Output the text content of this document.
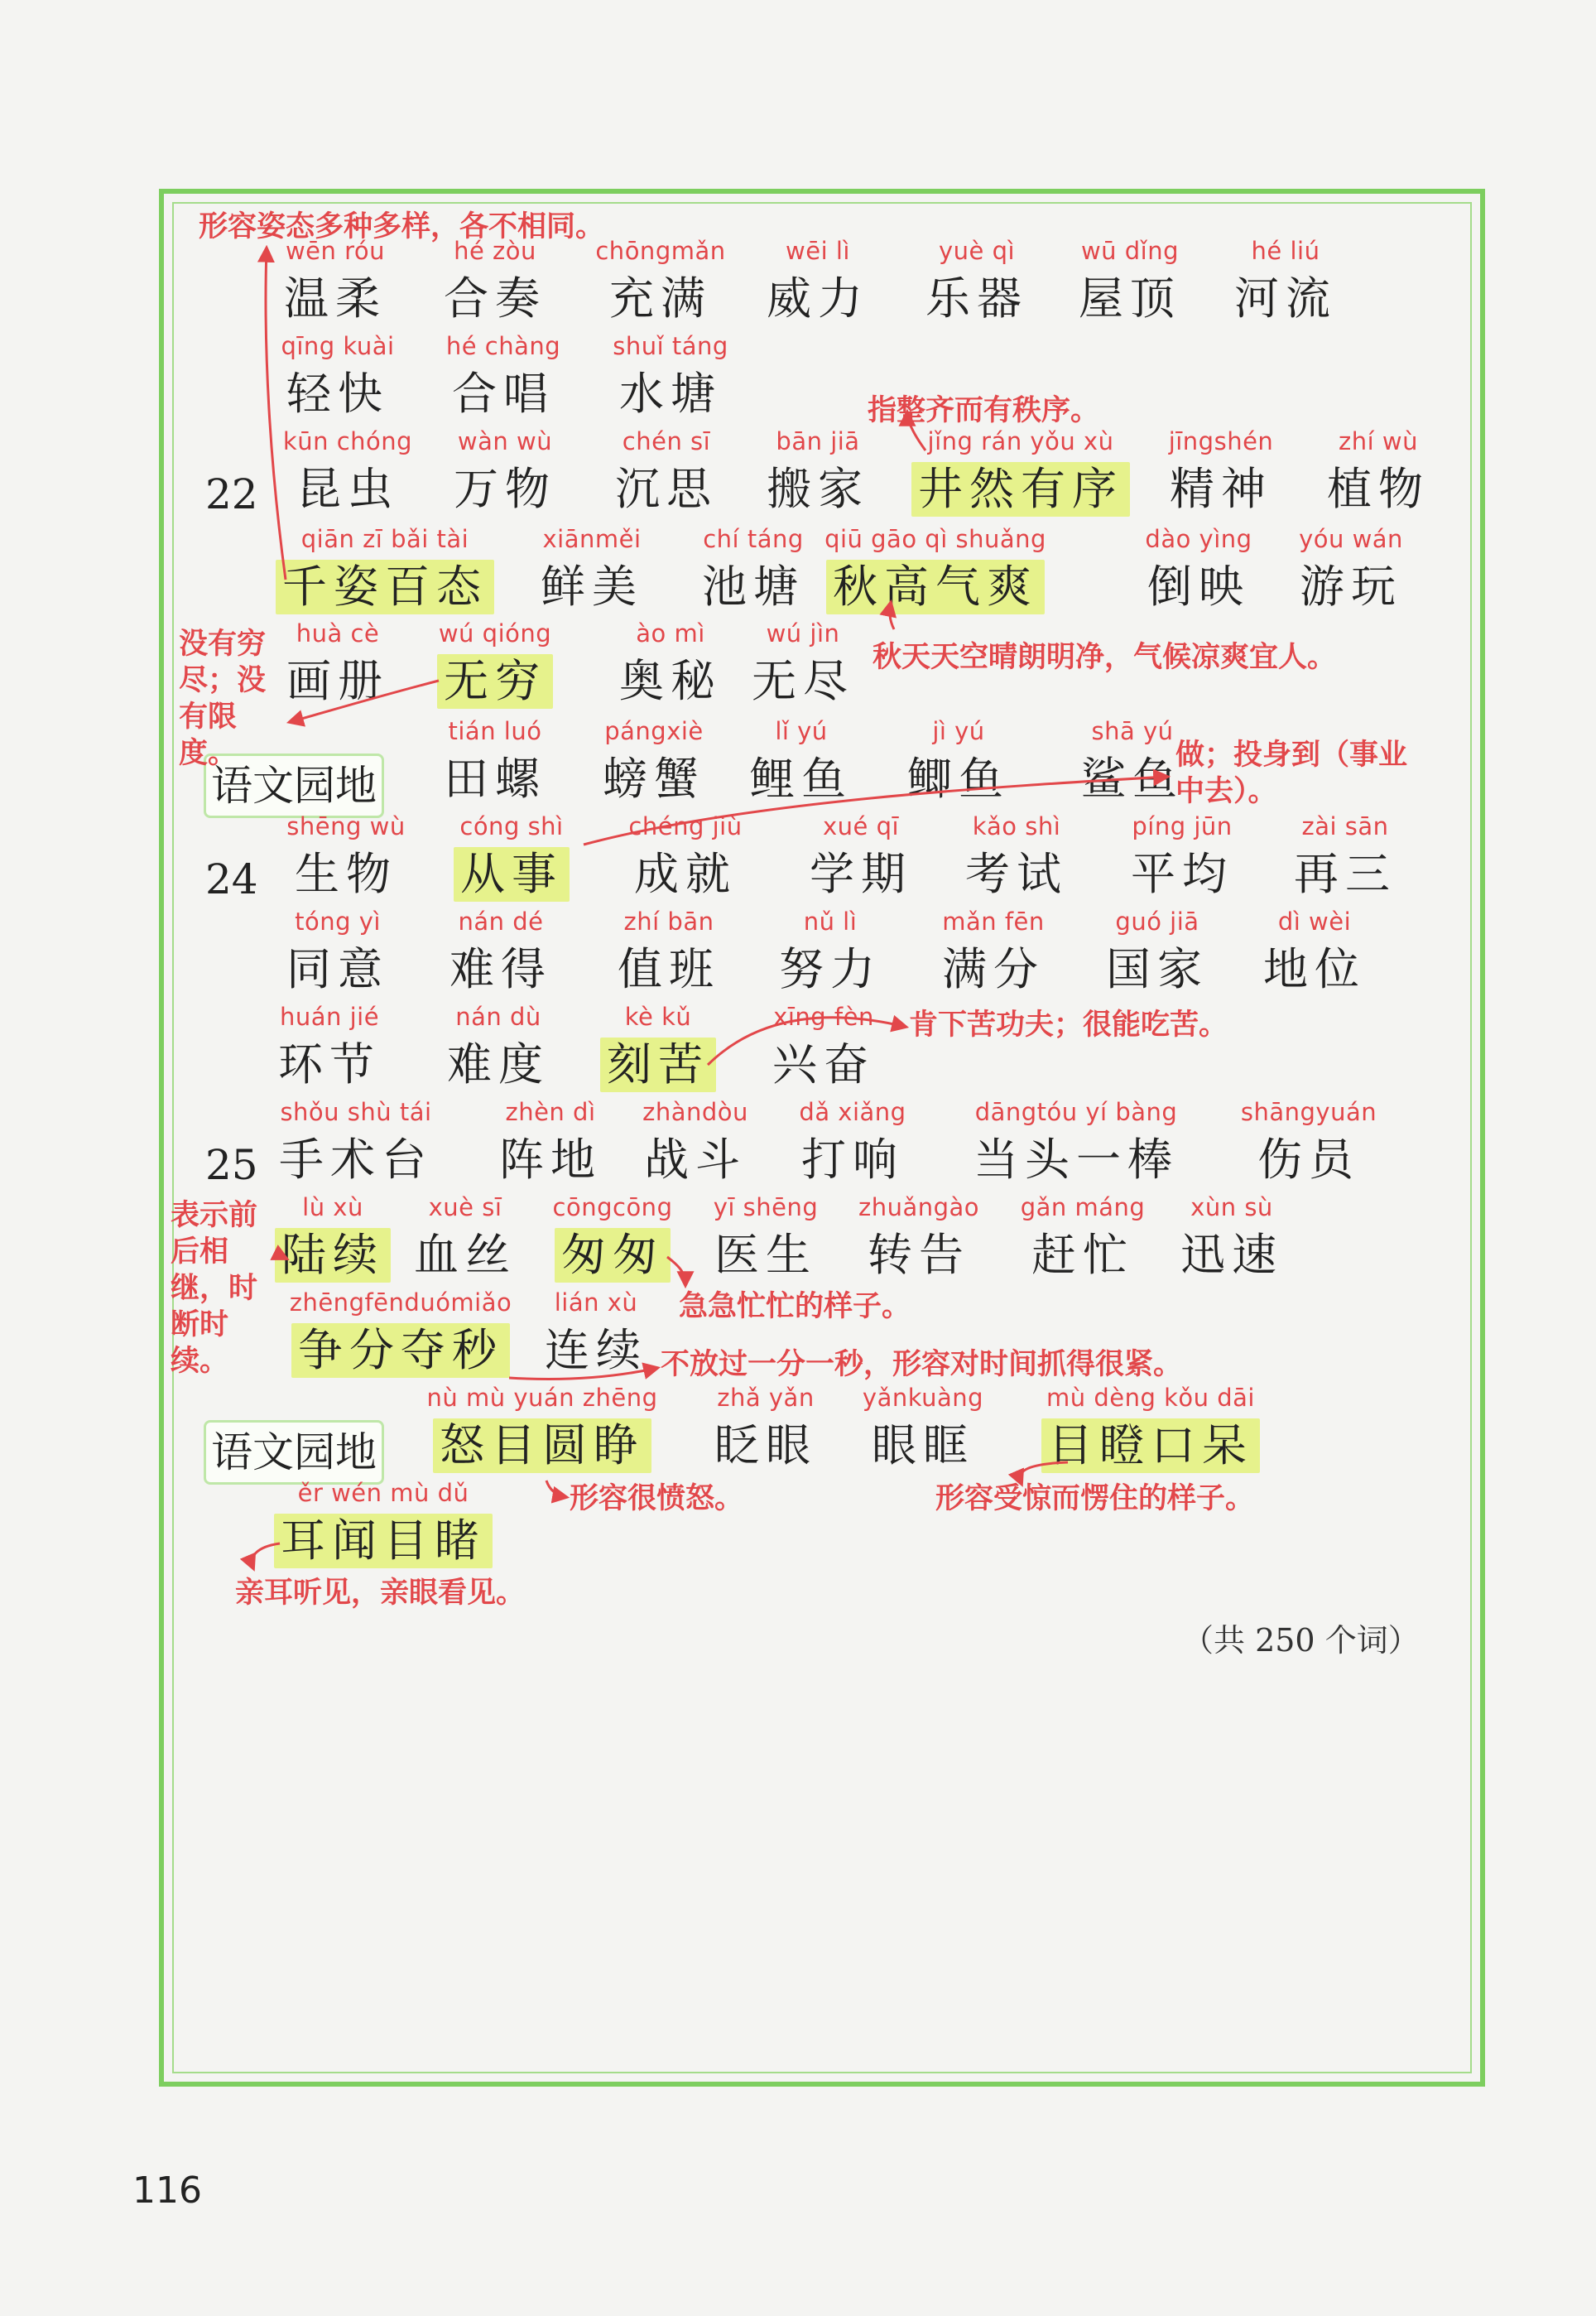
wēn róu
温柔
hé zòu
合奏
chōngmǎn
充满
wēi lì
威力
yuè qì
乐器
wū dǐng
屋顶
hé liú
河流
qīng kuài
轻快
hé chàng
合唱
shuǐ táng
水塘
22
kūn chóng
昆虫
wàn wù
万物
chén sī
沉思
bān jiā
搬家
jǐng rán yǒu xù
井然有序
jīngshén
精神
zhí wù
植物
qiān zī bǎi tài
千姿百态
xiānměi
鲜美
chí táng
池塘
qiū gāo qì shuǎng
秋高气爽
dào yìng
倒映
yóu wán
游玩
huà cè
画册
wú qióng
无穷
ào mì
奥秘
wú jìn
无尽
语文园地
tián luó
田螺
pángxiè
螃蟹
lǐ yú
鲤鱼
jì yú
鲫鱼
shā yú
鲨鱼
24
shēng wù
生物
cóng shì
从事
chéng jiù
成就
xué qī
学期
kǎo shì
考试
píng jūn
平均
zài sān
再三
tóng yì
同意
nán dé
难得
zhí bān
值班
nǔ lì
努力
mǎn fēn
满分
guó jiā
国家
dì wèi
地位
huán jié
环节
nán dù
难度
kè kǔ
刻苦
xīng fèn
兴奋
25
shǒu shù tái
手术台
zhèn dì
阵地
zhàndòu
战斗
dǎ xiǎng
打响
dāngtóu yí bàng
当头一棒
shāngyuán
伤员
lù xù
陆续
xuè sī
血丝
cōngcōng
匆匆
yī shēng
医生
zhuǎngào
转告
gǎn máng
赶忙
xùn sù
迅速
zhēngfēnduómiǎo
争分夺秒
lián xù
连续
语文园地
nù mù yuán zhēng
怒目圆睁
zhǎ yǎn
眨眼
yǎnkuàng
眼眶
mù dèng kǒu dāi
目瞪口呆
ěr wén mù dǔ
耳闻目睹
形容姿态多种多样，各不相同。
指整齐而有秩序。
没有穷尽；没有限度。
秋天天空晴朗明净，气候凉爽宜人。
做；投身到（事业中去）。
肯下苦功夫；很能吃苦。
表示前后相继，时断时续。
急急忙忙的样子。
不放过一分一秒，形容对时间抓得很紧。
形容很愤怒。	形容受惊而愣住的样子。
亲耳听见，亲眼看见。
（共 250 个词）
116
